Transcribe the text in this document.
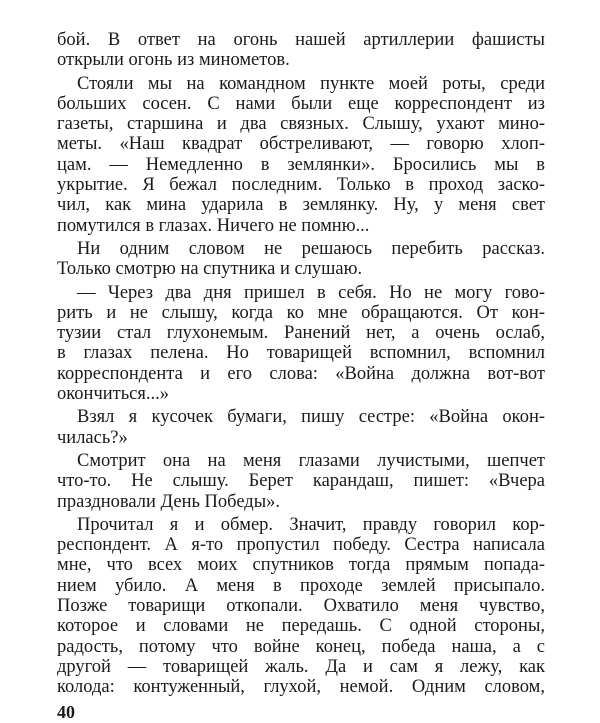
бой. В ответ на огонь нашей артиллерии фашисты
открыли огонь из минометов.
Стояли мы на командном пункте моей роты, среди
больших сосен. С нами были еще корреспондент из
газеты, старшина и два связных. Слышу, ухают мино-
меты. «Наш квадрат обстреливают, — говорю хлоп-
цам. — Немедленно в землянки». Бросились мы в
укрытие. Я бежал последним. Только в проход заско-
чил, как мина ударила в землянку. Ну, у меня свет
помутился в глазах. Ничего не помню...
Ни одним словом не решаюсь перебить рассказ.
Только смотрю на спутника и слушаю.
— Через два дня пришел в себя. Но не могу гово-
рить и не слышу, когда ко мне обращаются. От кон-
тузии стал глухонемым. Ранений нет, а очень ослаб,
в глазах пелена. Но товарищей вспомнил, вспомнил
корреспондента и его слова: «Война должна вот-вот
окончиться...»
Взял я кусочек бумаги, пишу сестре: «Война окон-
чилась?»
Смотрит она на меня глазами лучистыми, шепчет
что-то. Не слышу. Берет карандаш, пишет: «Вчера
праздновали День Победы».
Прочитал я и обмер. Значит, правду говорил кор-
респондент. А я-то пропустил победу. Сестра написала
мне, что всех моих спутников тогда прямым попада-
нием убило. А меня в проходе землей присыпало.
Позже товарищи откопали. Охватило меня чувство,
которое и словами не передашь. С одной стороны,
радость, потому что войне конец, победа наша, а с
другой — товарищей жаль. Да и сам я лежу, как
колода: контуженный, глухой, немой. Одним словом,
40
